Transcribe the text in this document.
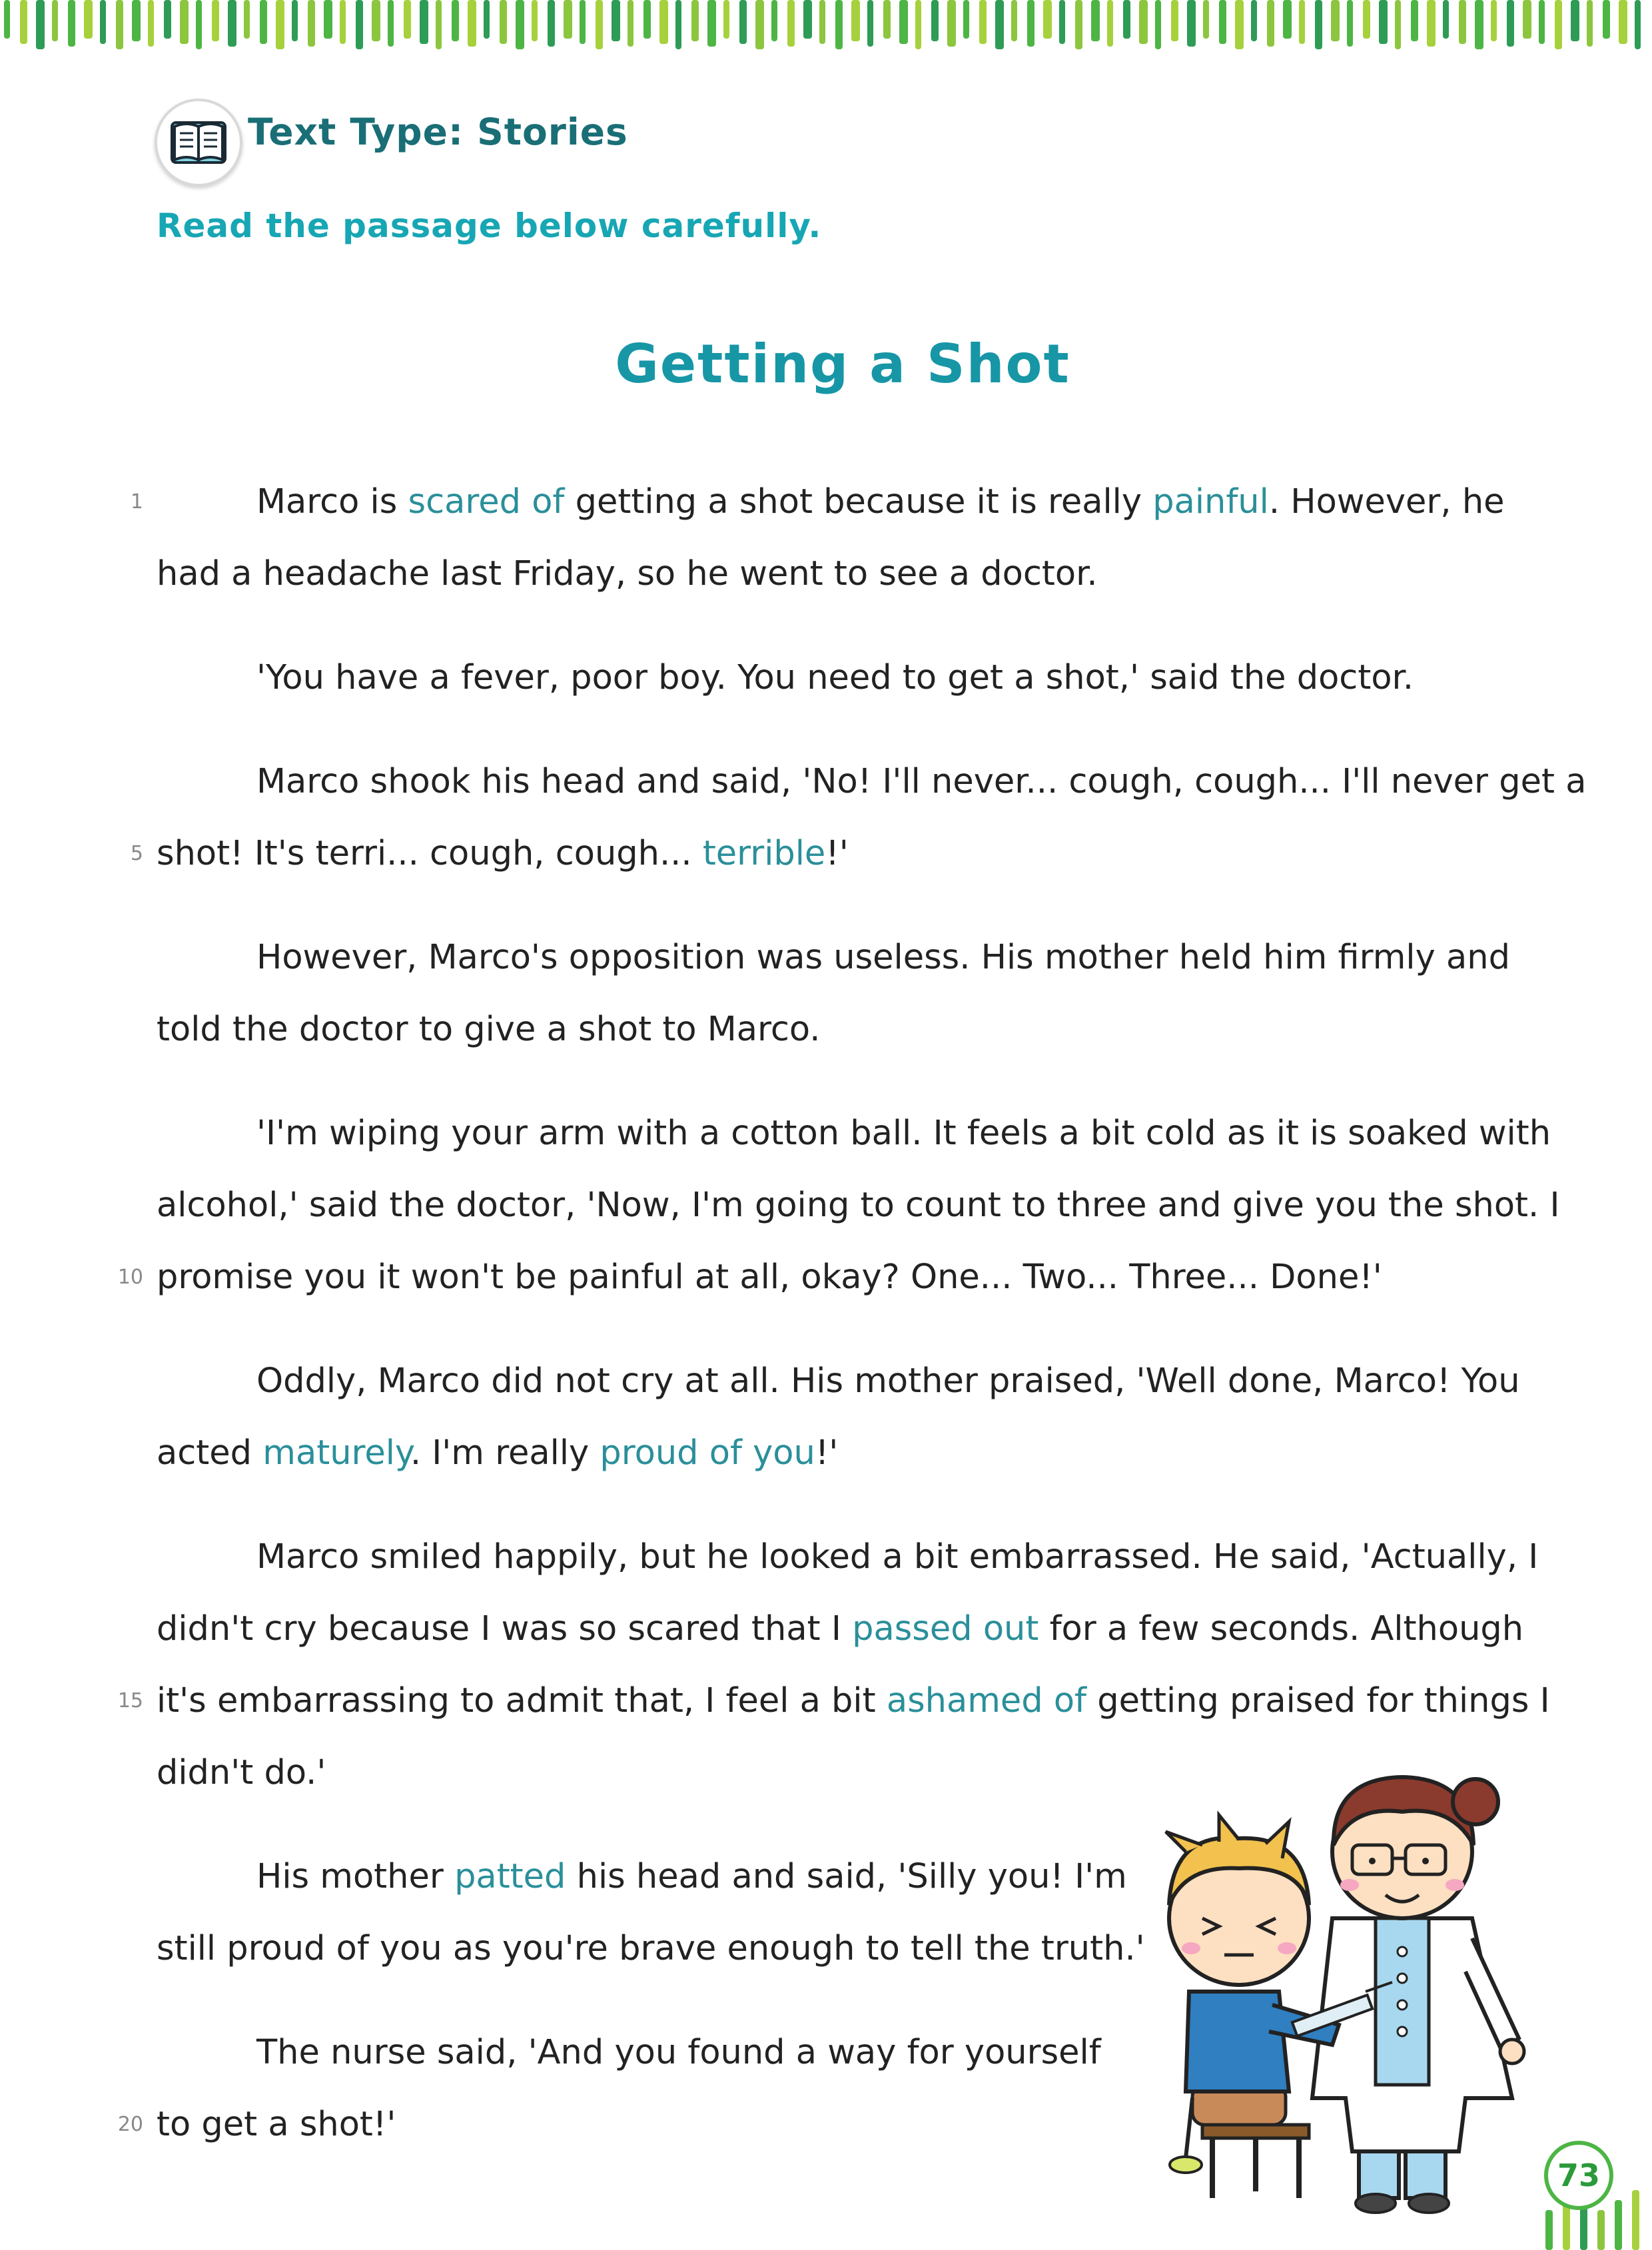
Text Type: Stories
Read the passage below carefully.
Getting a Shot
1	Marco is scared of getting a shot because it is really painful. However, he
had a headache last Friday, so he went to see a doctor.
'You have a fever, poor boy. You need to get a shot,' said the doctor.
Marco shook his head and said, 'No! I'll never... cough, cough... I'll never get a
5 shot! It's terri... cough, cough... terrible!'
However, Marco's opposition was useless. His mother held him firmly and
told the doctor to give a shot to Marco.
'I'm wiping your arm with a cotton ball. It feels a bit cold as it is soaked with
alcohol,' said the doctor, 'Now, I'm going to count to three and give you the shot. I
10 promise you it won't be painful at all, okay? One... Two... Three... Done!'
Oddly, Marco did not cry at all. His mother praised, 'Well done, Marco! You
acted maturely. I'm really proud of you!'
Marco smiled happily, but he looked a bit embarrassed. He said, 'Actually, I
didn't cry because I was so scared that I passed out for a few seconds. Although
15 it's embarrassing to admit that, I feel a bit ashamed of getting praised for things I
didn't do.'
His mother patted his head and said, 'Silly you! I'm
still proud of you as you're brave enough to tell the truth.'
The nurse said, 'And you found a way for yourself
20 to get a shot!'
73
